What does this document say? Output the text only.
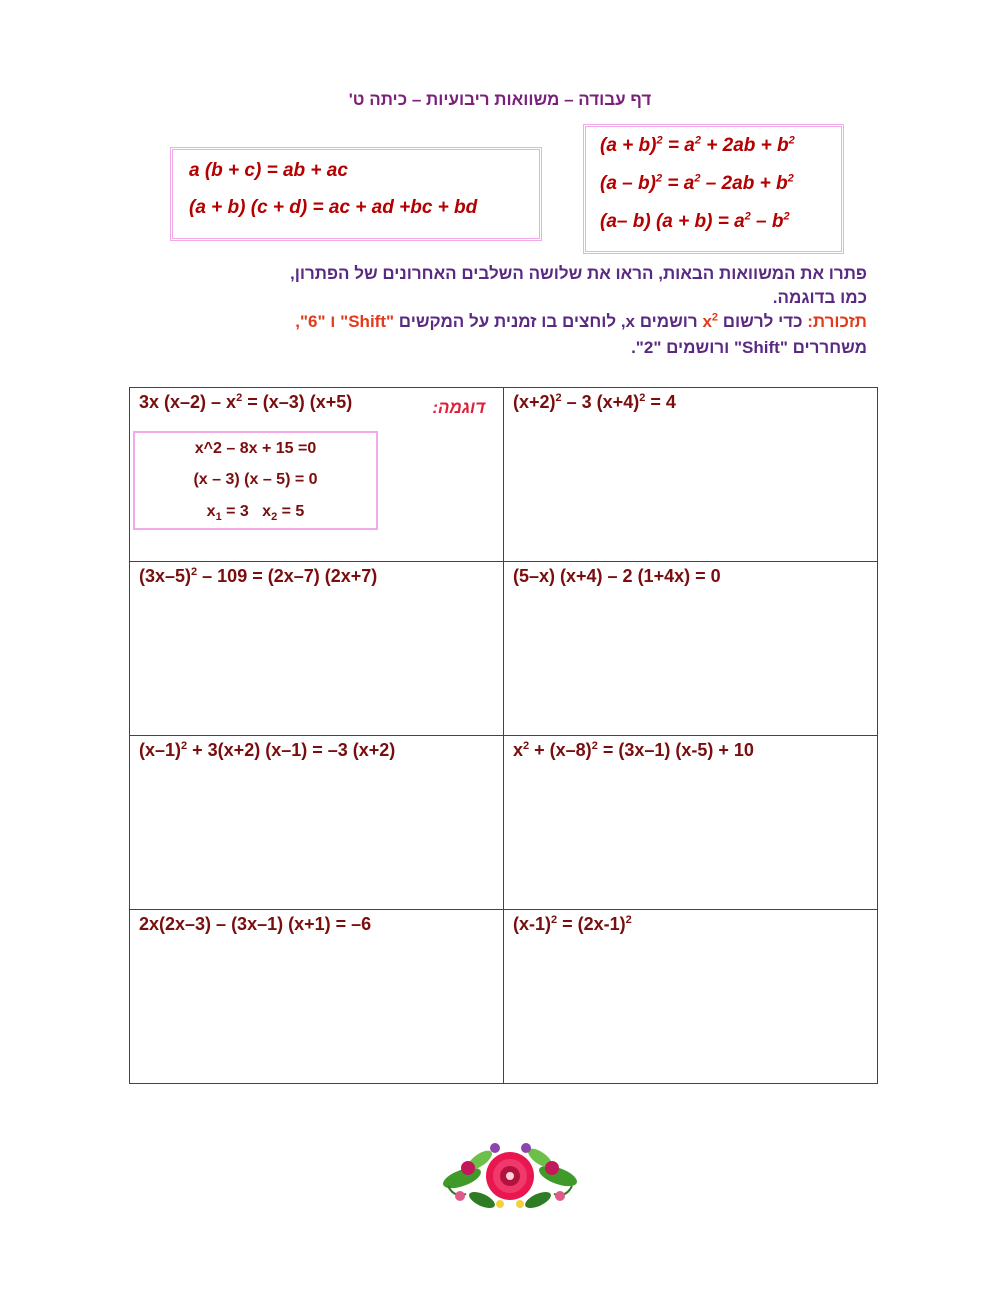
דף עבודה – משוואות ריבועיות – כיתה ט'
a (b + c) = ab + ac
(a + b) (c + d) = ac + ad +bc + bd
$(a + b)^2 = a^2 + 2ab + b^2$
$(a - b)^2 = a^2 - 2ab + b^2$
(a– b) $(a + b) = a^2 - b^2$
פתרו את המשוואות הבאות, הראו את שלושה השלבים האחרונים של הפתרון,
כמו בדוגמה.
תזכורת: כדי לרשום $x^2$ רושמים x, לוחצים בו זמנית על המקשים "Shift" ו "6",
משחררים "Shift" ורושמים "2".
3x $(x-2) - x^2 = (x-3)$ (x+5) דוגמה:
x^2 – 8x + 15 =0
(x – 3) (x – 5) = 0
$x_1 = 3$   $x_2 = 5$	$(x+2)^2 - 3$ $(x+4)^2 = 4$

$(3x-5)^2 - 109 = (2x-7)$ (2x+7)	(5–x) (x+4) – 2 (1+4x) = 0

$(x-1)^2 + 3(x+2) (x-1) = -3$ (x+2)	$x^2 + (x-8)^2 = (3x-1) (x-5) + 10$

2x(2x–3) – (3x–1) (x+1) = –6	$(x-1)^2 = (2x-1)^2$
